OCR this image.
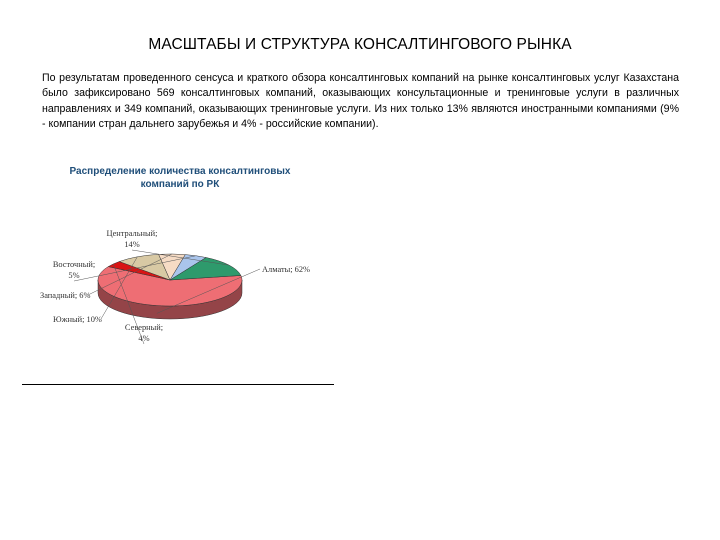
МАСШТАБЫ И СТРУКТУРА КОНСАЛТИНГОВОГО РЫНКА
По результатам проведенного сенсуса и краткого обзора консалтинговых компаний на рынке консалтинговых услуг Казахстана было зафиксировано 569 консалтинговых компаний, оказывающих консультационные и тренинговые услуги в различных направлениях и 349 компаний, оказывающих тренинговые услуги. Из них только 13% являются иностранными компаниями (9% - компании стран дальнего зарубежья и 4% - российские компании).
Распределение количества консалтинговых компаний по РК
Алматы; 62%
Северный; 4%
Южный; 10%
Западный; 6%
Восточный; 5%
Центральный; 14%
